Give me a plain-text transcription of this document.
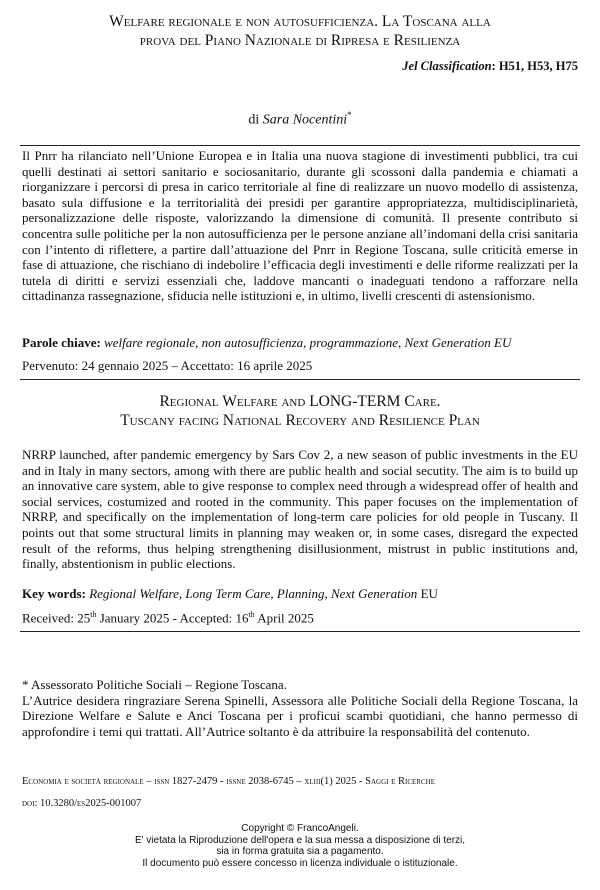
Welfare regionale e non autosufficienza. La Toscana alla
prova del Piano Nazionale di Ripresa e Resilienza
Jel Classification: H51, H53, H75
di Sara Nocentini*
Il Pnrr ha rilanciato nell’Unione Europea e in Italia una nuova stagione di investimenti pubblici, tra cui quelli destinati ai settori sanitario e sociosanitario, durante gli scossoni dalla pandemia e chiamati a riorganizzare i percorsi di presa in carico territoriale al fine di realizzare un nuovo modello di assistenza, basato sula diffusione e la territorialità dei presidi per garantire appropriatezza, multidisciplinarietà, personalizzazione delle risposte, valorizzando la dimensione di comunità. Il presente contributo si concentra sulle politiche per la non autosufficienza per le persone anziane all’indomani della crisi sanitaria con l’intento di riflettere, a partire dall’attuazione del Pnrr in Regione Toscana, sulle criticità emerse in fase di attuazione, che rischiano di indebolire l’efficacia degli investimenti e delle riforme realizzati per la tutela di diritti e servizi essenziali che, laddove mancanti o inadeguati tendono a rafforzare nella cittadinanza rassegnazione, sfiducia nelle istituzioni e, in ultimo, livelli crescenti di astensionismo.
Parole chiave: welfare regionale, non autosufficienza, programmazione, Next Generation EU
Pervenuto: 24 gennaio 2025 – Accettato: 16 aprile 2025
Regional Welfare and LONG-TERM Care.
Tuscany facing National Recovery and Resilience Plan
NRRP launched, after pandemic emergency by Sars Cov 2, a new season of public investments in the EU and in Italy in many sectors, among with there are public health and social secutity. The aim is to build up an innovative care system, able to give response to complex need through a widespread offer of health and social services, costumized and rooted in the community. This paper focuses on the implementation of NRRP, and specifically on the implementation of long-term care policies for old people in Tuscany. Il points out that some structural limits in planning may weaken or, in some cases, disregard the expected result of the reforms, thus helping strengthening disillusionment, mistrust in public institutions and, finally, abstentionism in public elections.
Key words: Regional Welfare, Long Term Care, Planning, Next Generation EU
Received: 25th January 2025 - Accepted: 16th April 2025
* Assessorato Politiche Sociali – Regione Toscana.
L’Autrice desidera ringraziare Serena Spinelli, Assessora alle Politiche Sociali della Regione Toscana, la Direzione Welfare e Salute e Anci Toscana per i proficui scambi quotidiani, che hanno permesso di approfondire i temi qui trattati. All’Autrice soltanto è da attribuire la responsabilità del contenuto.
Economia e società regionale – issn 1827-2479 - issne 2038-6745 – xliii(1) 2025 - Saggi e Ricerche
doi: 10.3280/es2025-001007
Copyright © FrancoAngeli.
E' vietata la Riproduzione dell'opera e la sua messa a disposizione di terzi,
sia in forma gratuita sia a pagamento.
Il documento può essere concesso in licenza individuale o istituzionale.
